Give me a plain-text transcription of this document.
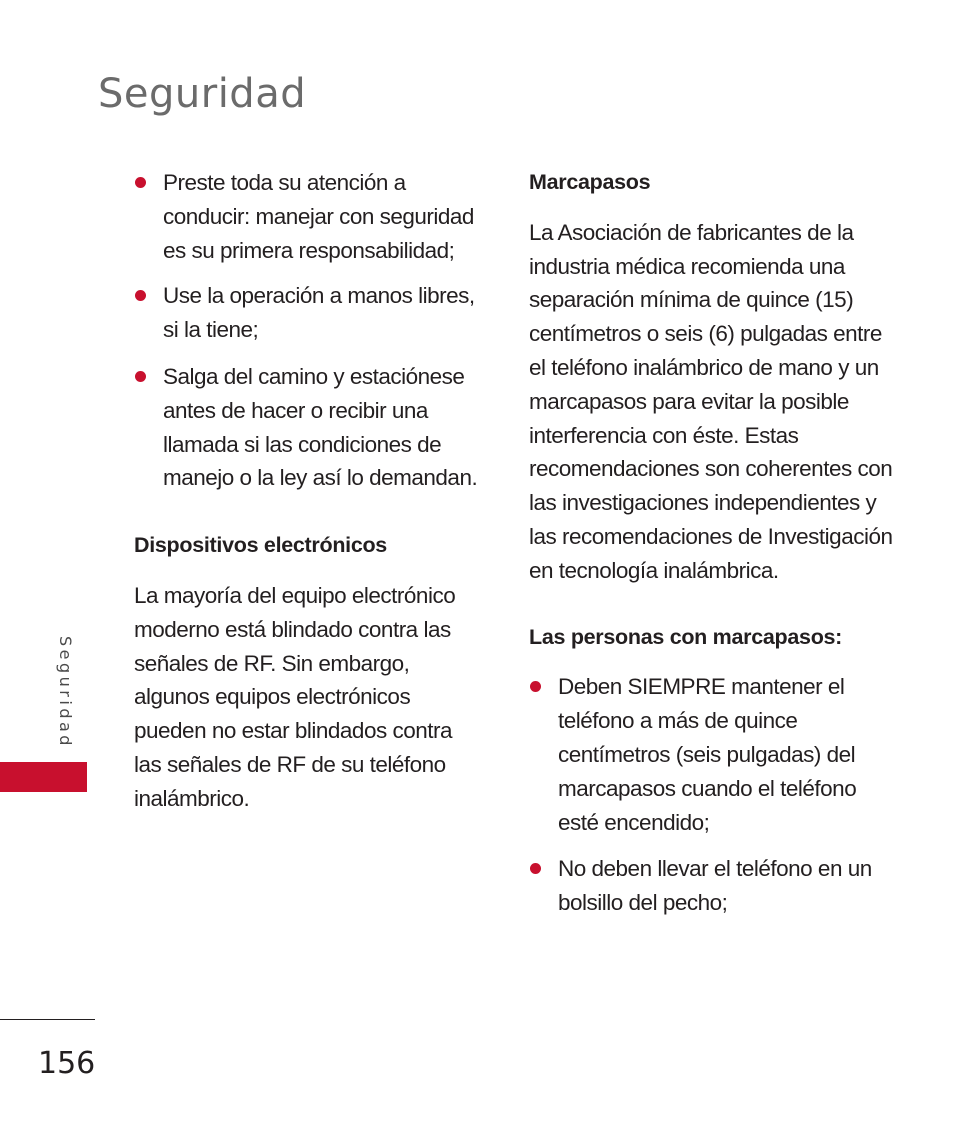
Seguridad
Preste toda su atención a conducir: manejar con seguridad es su primera responsabilidad;
Use la operación a manos libres, si la tiene;
Salga del camino y estaciónese antes de hacer o recibir una llamada si las condiciones de manejo o la ley así lo demandan.
Dispositivos electrónicos

La mayoría del equipo electrónico moderno está blindado contra las señales de RF. Sin embargo, algunos equipos electrónicos pueden no estar blindados contra las señales de RF de su teléfono inalámbrico.

Marcapasos

La Asociación de fabricantes de la industria médica recomienda una separación mínima de quince (15) centímetros o seis (6) pulgadas entre el teléfono inalámbrico de mano y un marcapasos para evitar la posible interferencia con éste. Estas recomendaciones son coherentes con las investigaciones independientes y las recomendaciones de Investigación en tecnología inalámbrica.

Las personas con marcapasos:
Deben SIEMPRE mantener el teléfono a más de quince centímetros (seis pulgadas) del marcapasos cuando el teléfono esté encendido;
No deben llevar el teléfono en un bolsillo del pecho;
Seguridad
156
